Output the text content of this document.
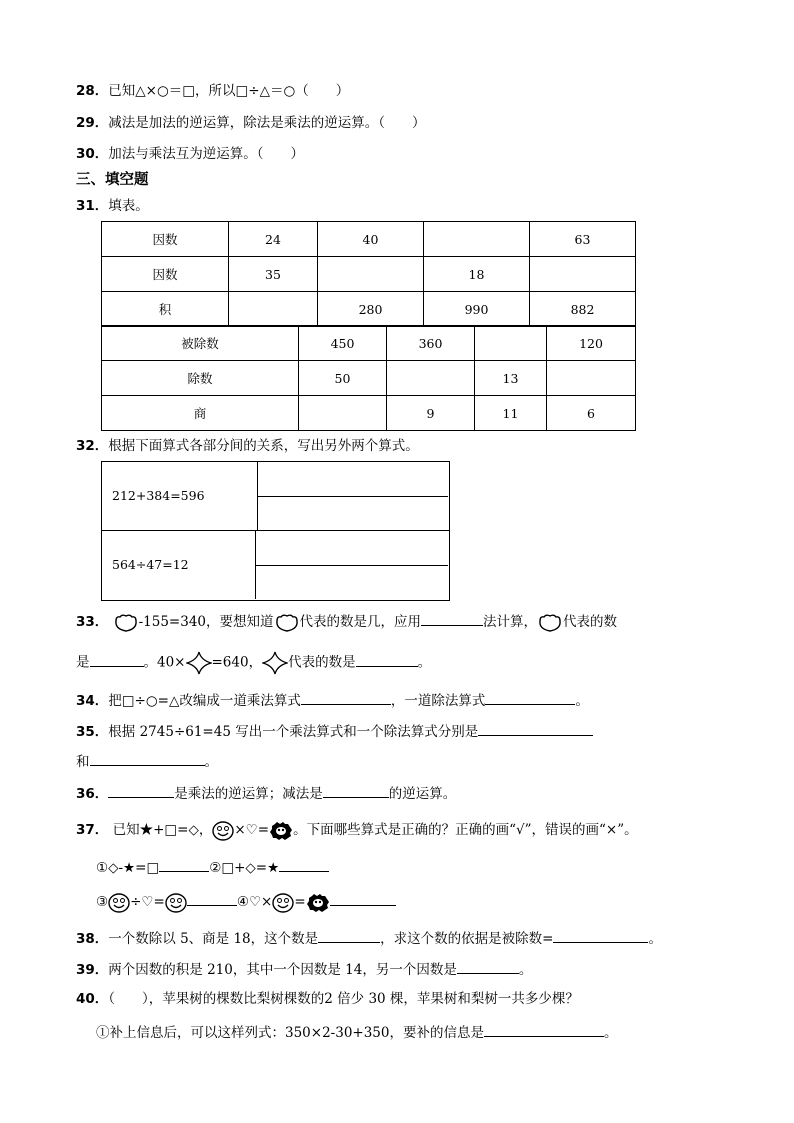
28．已知△×○＝□，所以□÷△＝○（　　）
29．减法是加法的逆运算，除法是乘法的逆运算。（　　）
30．加法与乘法互为逆运算。（　　）
三、填空题
31．填表。
因数	24	40		63
因数	35		18	
积		280	990	882
被除数	450	360		120
除数	50		13	
商		9	11	6
32．根据下面算式各部分间的关系，写出另外两个算式。
212+384=596
564÷47=12
33． -155=340，要想知道 代表的数是几，应用	法计算， 代表的数
是	。40× =640， 代表的数是	。
34．把□÷○=△改编成一道乘法算式	，一道除法算式	。
35．根据 2745÷61=45 写出一个乘法算式和一个除法算式分别是
和	。
36．	是乘法的逆运算；减法是	的逆运算。
37． 已知★+□=◇， ×♡= 。下面哪些算式是正确的？正确的画“√”，错误的画“×”。
①◇-★=□	②□+◇=★
③ ÷♡=	④♡× =
38．一个数除以 5、商是 18，这个数是	，求这个数的依据是被除数=	。
39．两个因数的积是 210，其中一个因数是 14，另一个因数是	。
40．（　　），苹果树的棵数比梨树棵数的2 倍少 30 棵，苹果树和梨树一共多少棵？
①补上信息后，可以这样列式：350×2-30+350，要补的信息是	。
